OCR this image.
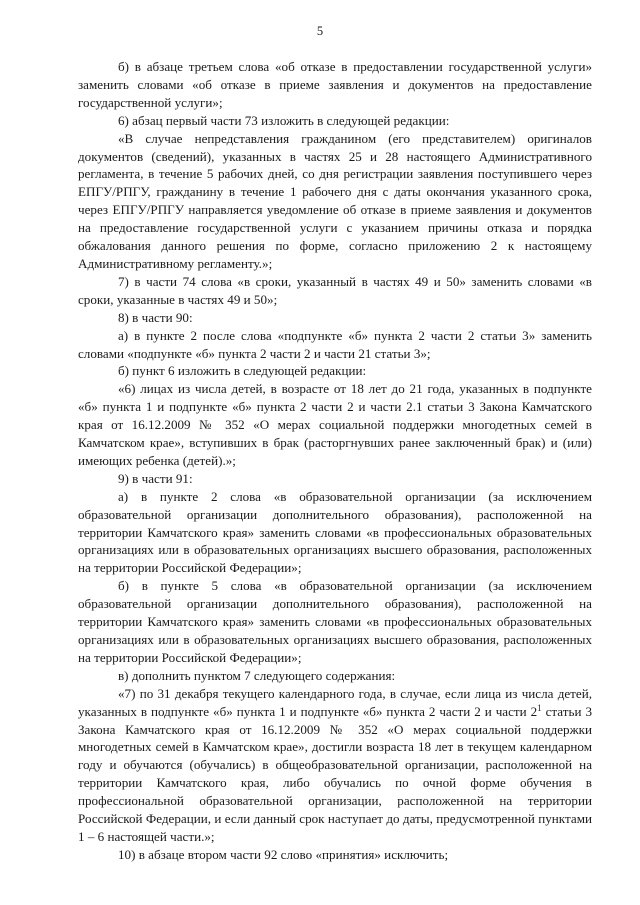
5

б) в абзаце третьем слова «об отказе в предоставлении государственной услуги» заменить словами «об отказе в приеме заявления и документов на предоставление государственной услуги»;

6) абзац первый части 73 изложить в следующей редакции:

«В случае непредставления гражданином (его представителем) оригиналов документов (сведений), указанных в частях 25 и 28 настоящего Административного регламента, в течение 5 рабочих дней, со дня регистрации заявления поступившего через ЕПГУ/РПГУ, гражданину в течение 1 рабочего дня с даты окончания указанного срока, через ЕПГУ/РПГУ направляется уведомление об отказе в приеме заявления и документов на предоставление государственной услуги с указанием причины отказа и порядка обжалования данного решения по форме, согласно приложению 2 к настоящему Административному регламенту.»;

7) в части 74 слова «в сроки, указанный в частях 49 и 50» заменить словами «в сроки, указанные в частях 49 и 50»;

8) в части 90:

а) в пункте 2 после слова «подпункте «б» пункта 2 части 2 статьи 3» заменить словами «подпункте «б» пункта 2 части 2 и части 21 статьи 3»;

б) пункт 6 изложить в следующей редакции:

«6) лицах из числа детей, в возрасте от 18 лет до 21 года, указанных в подпункте «б» пункта 1 и подпункте «б» пункта 2 части 2 и части 2.1 статьи 3 Закона Камчатского края от 16.12.2009 № 352 «О мерах социальной поддержки многодетных семей в Камчатском крае», вступивших в брак (расторгнувших ранее заключенный брак) и (или) имеющих ребенка (детей).»;

9) в части 91:

а) в пункте 2 слова «в образовательной организации (за исключением образовательной организации дополнительного образования), расположенной на территории Камчатского края» заменить словами «в профессиональных образовательных организациях или в образовательных организациях высшего образования, расположенных на территории Российской Федерации»;

б) в пункте 5 слова «в образовательной организации (за исключением образовательной организации дополнительного образования), расположенной на территории Камчатского края» заменить словами «в профессиональных образовательных организациях или в образовательных организациях высшего образования, расположенных на территории Российской Федерации»;

в) дополнить пунктом 7 следующего содержания:

«7) по 31 декабря текущего календарного года, в случае, если лица из числа детей, указанных в подпункте «б» пункта 1 и подпункте «б» пункта 2 части 2 и части $2^1$ статьи 3 Закона Камчатского края от 16.12.2009 № 352 «О мерах социальной поддержки многодетных семей в Камчатском крае», достигли возраста 18 лет в текущем календарном году и обучаются (обучались) в общеобразовательной организации, расположенной на территории Камчатского края, либо обучались по очной форме обучения в профессиональной образовательной организации, расположенной на территории Российской Федерации, и если данный срок наступает до даты, предусмотренной пунктами 1 – 6 настоящей части.»;

10) в абзаце втором части 92 слово «принятия» исключить;
